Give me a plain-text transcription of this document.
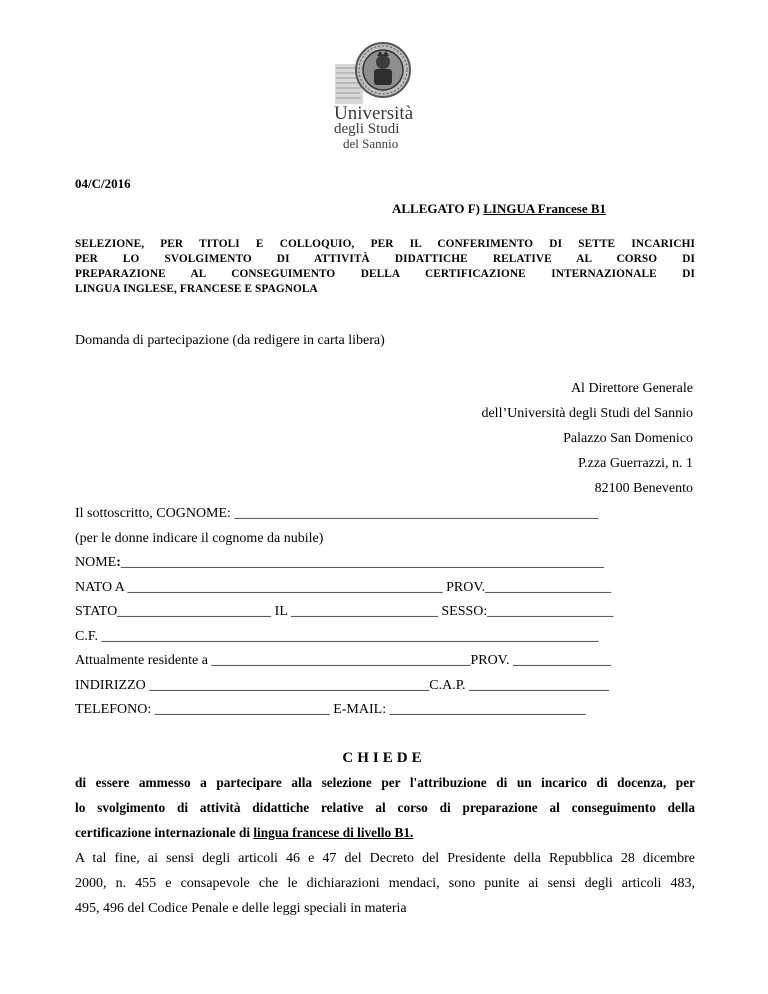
Università
degli Studi
del Sannio
04/C/2016
ALLEGATO F) LINGUA Francese B1
SELEZIONE, PER TITOLI E COLLOQUIO, PER IL CONFERIMENTO DI SETTE INCARICHI
PER LO SVOLGIMENTO DI ATTIVITÀ DIDATTICHE RELATIVE AL CORSO DI
PREPARAZIONE AL CONSEGUIMENTO DELLA CERTIFICAZIONE INTERNAZIONALE DI
LINGUA INGLESE, FRANCESE E SPAGNOLA
Domanda di partecipazione (da redigere in carta libera)
Al Direttore Generale
dell’Università degli Studi del Sannio
Palazzo San Domenico
P.zza Guerrazzi, n. 1
82100 Benevento
Il sottoscritto, COGNOME: ____________________________________________________
(per le donne indicare il cognome da nubile)
NOME:_____________________________________________________________________
NATO A _____________________________________________ PROV.__________________
STATO______________________ IL _____________________ SESSO:__________________
C.F. _______________________________________________________________________
Attualmente residente a _____________________________________PROV. ______________
INDIRIZZO ________________________________________C.A.P. ____________________
TELEFONO: _________________________ E-MAIL: ____________________________
CHIEDE
di essere ammesso a partecipare alla selezione per l'attribuzione di un incarico di docenza, per
lo svolgimento di attività didattiche relative al corso di preparazione al conseguimento della
certificazione internazionale di lingua francese di livello B1.
A tal fine, ai sensi degli articoli 46 e 47 del Decreto del Presidente della Repubblica 28 dicembre
2000, n. 455 e consapevole che le dichiarazioni mendaci, sono punite ai sensi degli articoli 483,
495, 496 del Codice Penale e delle leggi speciali in materia
